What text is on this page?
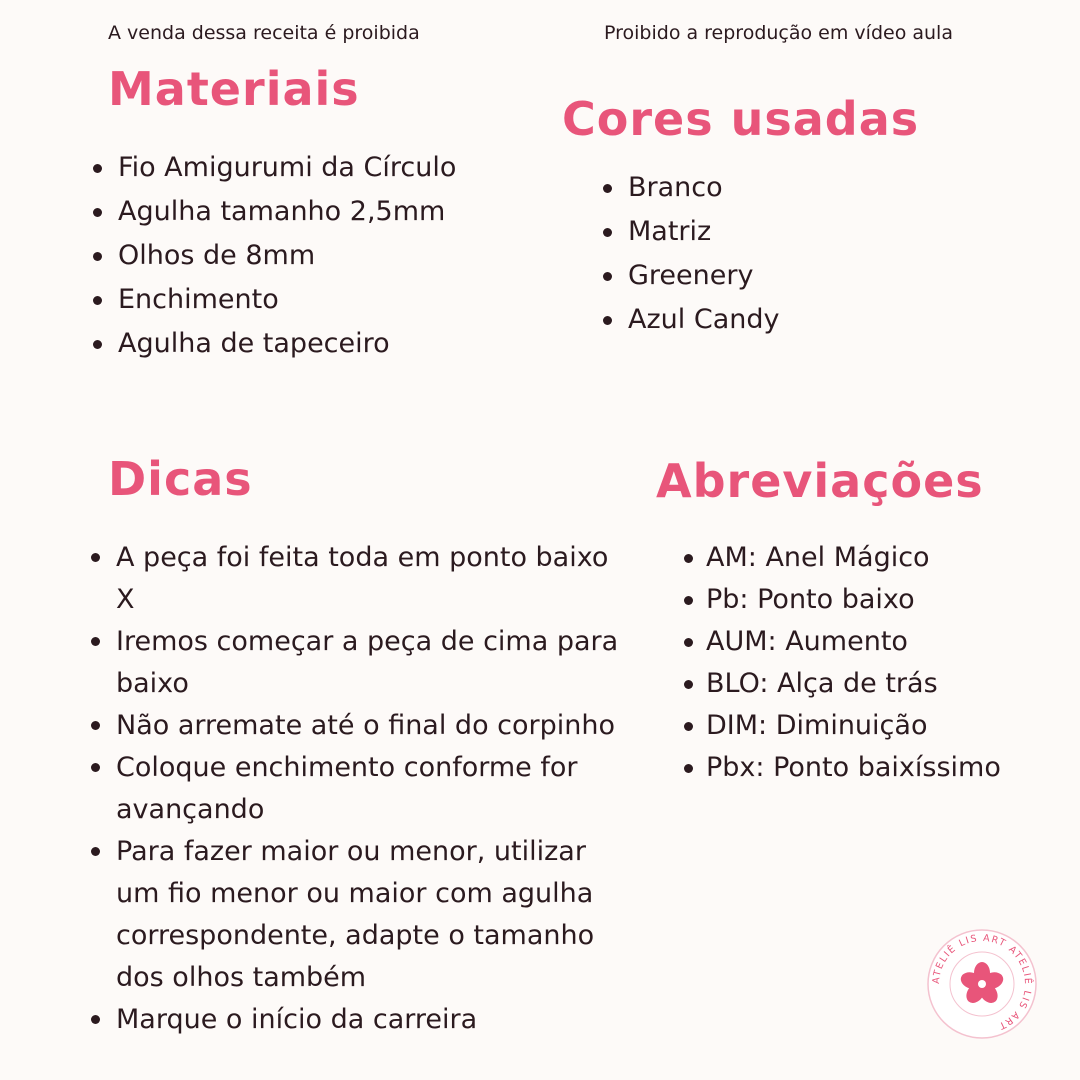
A venda dessa receita é proibida	Proibido a reprodução em vídeo aula
Materiais
Fio Amigurumi da Círculo
Agulha tamanho 2,5mm
Olhos de 8mm
Enchimento
Agulha de tapeceiro
Cores usadas
Branco
Matriz
Greenery
Azul Candy
Dicas
A peça foi feita toda em ponto baixo X
Iremos começar a peça de cima para baixo
Não arremate até o final do corpinho
Coloque enchimento conforme for avançando
Para fazer maior ou menor, utilizar um fio menor ou maior com agulha correspondente, adapte o tamanho dos olhos também
Marque o início da carreira
Abreviações
AM: Anel Mágico
Pb: Ponto baixo
AUM: Aumento
BLO: Alça de trás
DIM: Diminuição
Pbx: Ponto baixíssimo
ATELIÊ LIS ART ATELIÊ LIS ART
